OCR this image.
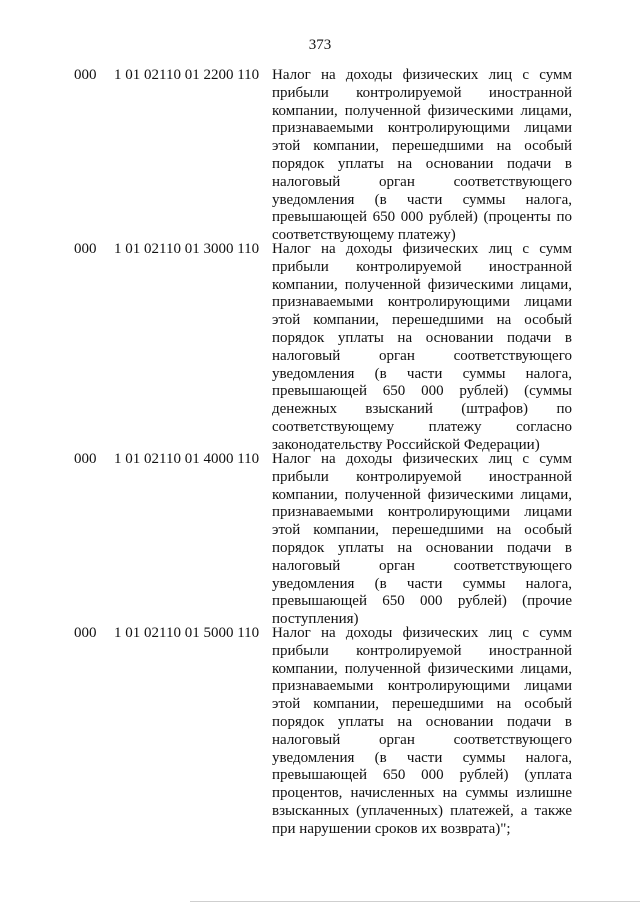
373
000 1 01 02110 01 2200 110 Налог на доходы физических лиц с сумм прибыли контролируемой иностранной компании, полученной физическими лицами, признаваемыми контролирующими лицами этой компании, перешедшими на особый порядок уплаты на основании подачи в налоговый орган соответствующего уведомления (в части суммы налога, превышающей 650 000 рублей) (проценты по соответствующему платежу)
000 1 01 02110 01 3000 110 Налог на доходы физических лиц с сумм прибыли контролируемой иностранной компании, полученной физическими лицами, признаваемыми контролирующими лицами этой компании, перешедшими на особый порядок уплаты на основании подачи в налоговый орган соответствующего уведомления (в части суммы налога, превышающей 650 000 рублей) (суммы денежных взысканий (штрафов) по соответствующему платежу согласно законодательству Российской Федерации)
000 1 01 02110 01 4000 110 Налог на доходы физических лиц с сумм прибыли контролируемой иностранной компании, полученной физическими лицами, признаваемыми контролирующими лицами этой компании, перешедшими на особый порядок уплаты на основании подачи в налоговый орган соответствующего уведомления (в части суммы налога, превышающей 650 000 рублей) (прочие поступления)
000 1 01 02110 01 5000 110 Налог на доходы физических лиц с сумм прибыли контролируемой иностранной компании, полученной физическими лицами, признаваемыми контролирующими лицами этой компании, перешедшими на особый порядок уплаты на основании подачи в налоговый орган соответствующего уведомления (в части суммы налога, превышающей 650 000 рублей) (уплата процентов, начисленных на суммы излишне взысканных (уплаченных) платежей, а также при нарушении сроков их возврата)";
